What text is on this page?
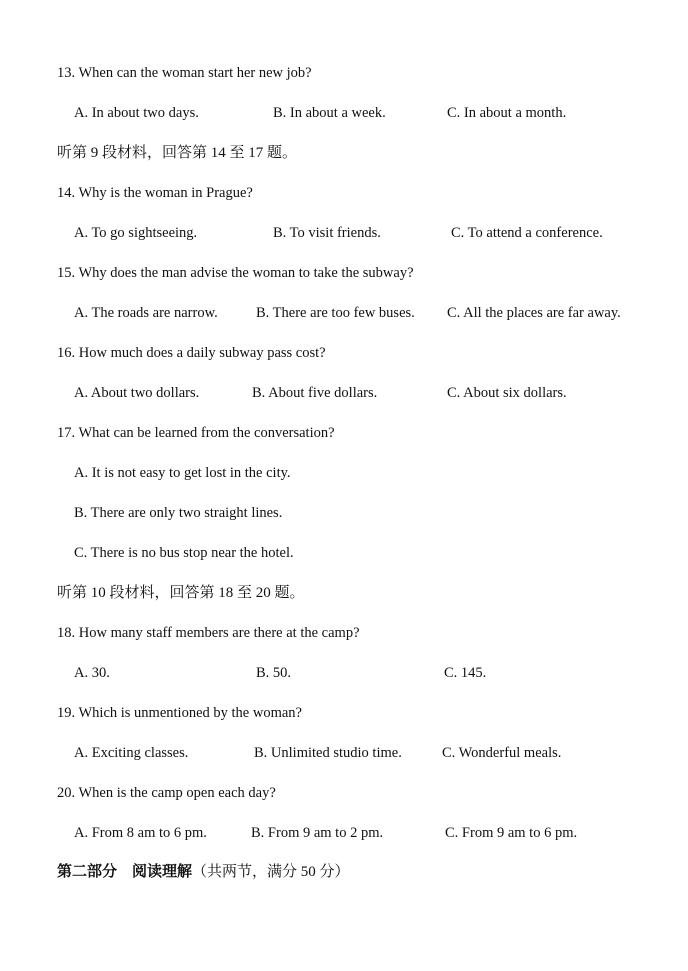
13. When can the woman start her new job?
A. In about two days.	B. In about a week.	C. In about a month.
听第 9 段材料，回答第 14 至 17 题。
14. Why is the woman in Prague?
A. To go sightseeing.	B. To visit friends.	C. To attend a conference.
15. Why does the man advise the woman to take the subway?
A. The roads are narrow.	B. There are too few buses. C. All the places are far away.
16. How much does a daily subway pass cost?
A. About two dollars.	B. About five dollars.	C. About six dollars.
17. What can be learned from the conversation?
A. It is not easy to get lost in the city.
B. There are only two straight lines.
C. There is no bus stop near the hotel.
听第 10 段材料，回答第 18 至 20 题。
18. How many staff members are there at the camp?
A. 30.	B. 50.	C. 145.
19. Which is unmentioned by the woman?
A. Exciting classes.	B. Unlimited studio time.	C. Wonderful meals.
20. When is the camp open each day?
A. From 8 am to 6 pm.	B. From 9 am to 2 pm.	C. From 9 am to 6 pm.
第二部分　阅读理解（共两节，满分 50 分）
